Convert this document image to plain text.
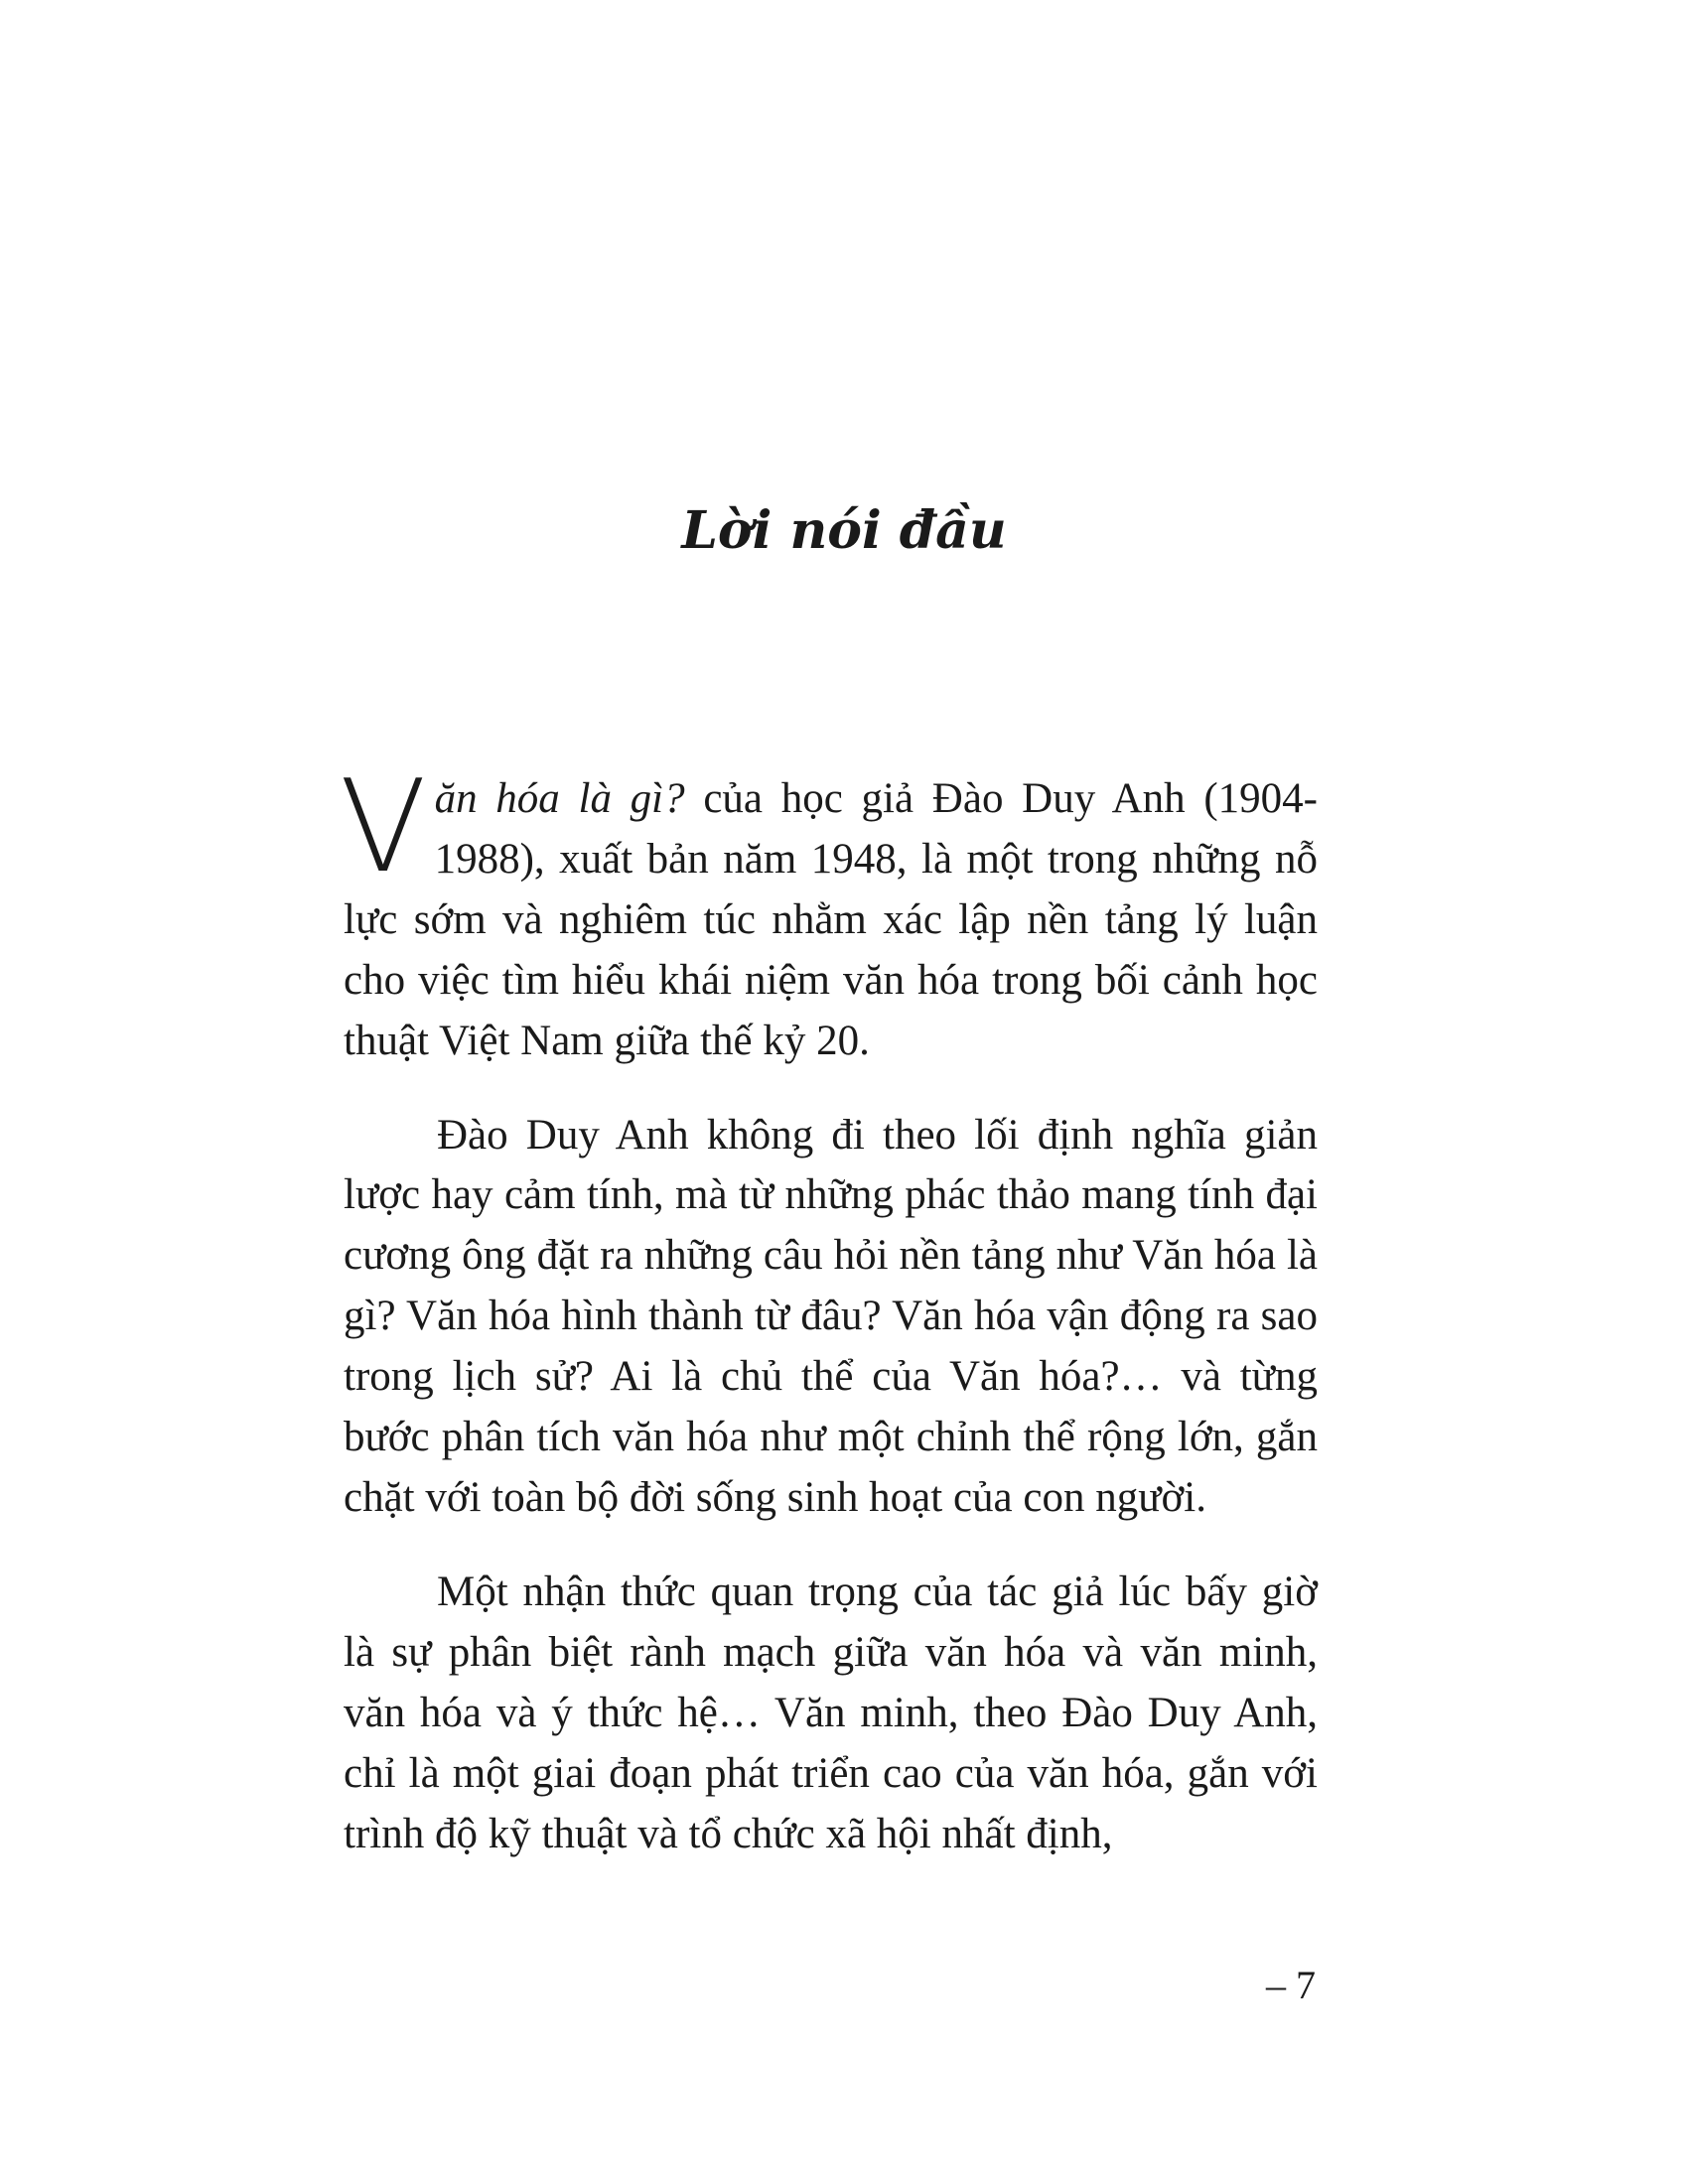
Lời nói đầu

Văn hóa là gì? của học giả Đào Duy Anh (1904-1988), xuất bản năm 1948, là một trong những nỗ lực sớm và nghiêm túc nhằm xác lập nền tảng lý luận cho việc tìm hiểu khái niệm văn hóa trong bối cảnh học thuật Việt Nam giữa thế kỷ 20.

Đào Duy Anh không đi theo lối định nghĩa giản lược hay cảm tính, mà từ những phác thảo mang tính đại cương ông đặt ra những câu hỏi nền tảng như Văn hóa là gì? Văn hóa hình thành từ đâu? Văn hóa vận động ra sao trong lịch sử? Ai là chủ thể của Văn hóa?… và từng bước phân tích văn hóa như một chỉnh thể rộng lớn, gắn chặt với toàn bộ đời sống sinh hoạt của con người.

Một nhận thức quan trọng của tác giả lúc bấy giờ là sự phân biệt rành mạch giữa văn hóa và văn minh, văn hóa và ý thức hệ… Văn minh, theo Đào Duy Anh, chỉ là một giai đoạn phát triển cao của văn hóa, gắn với trình độ kỹ thuật và tổ chức xã hội nhất định,

– 7
